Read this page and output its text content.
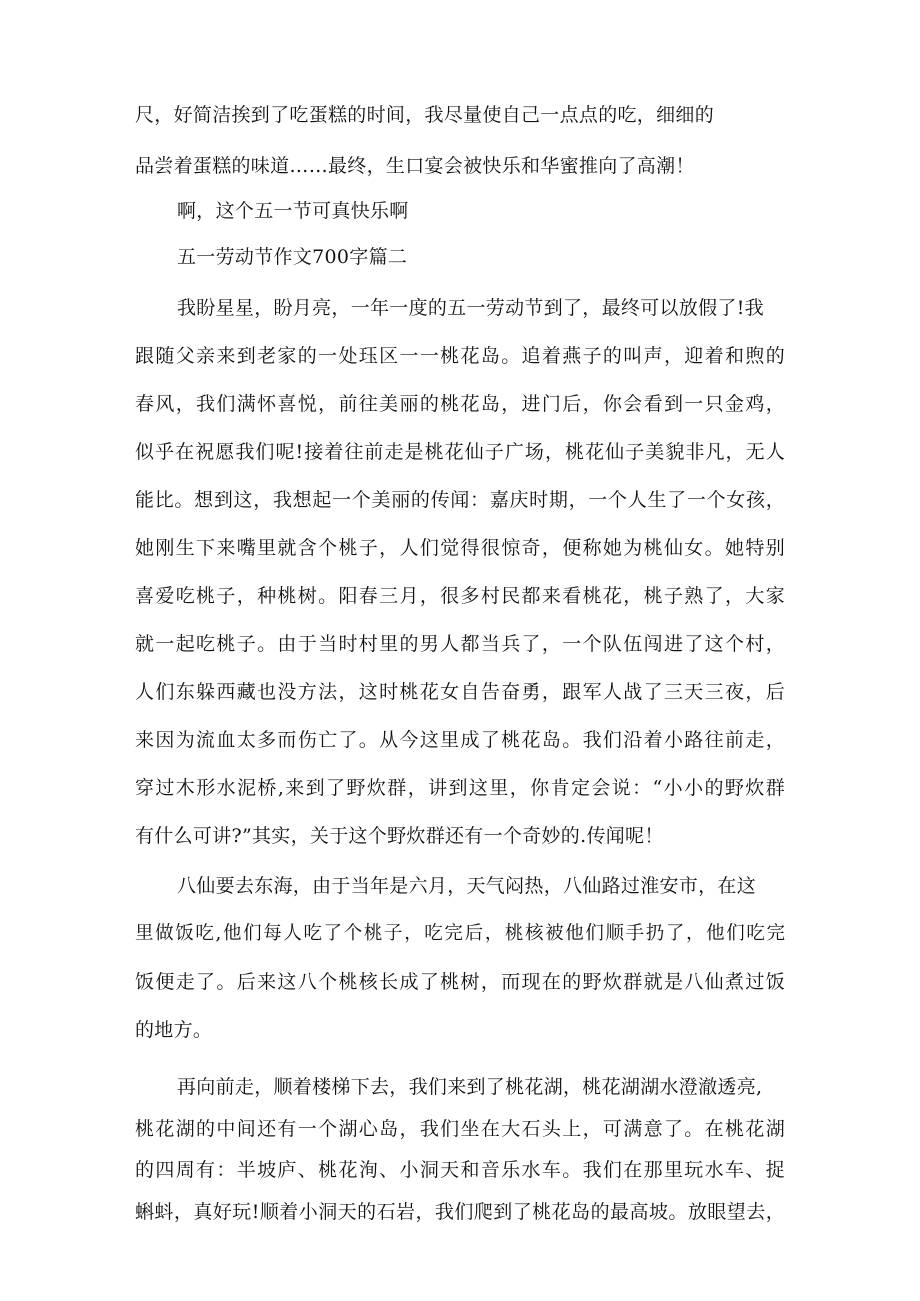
尺，好简洁挨到了吃蛋糕的时间，我尽量使自己一点点的吃，细细的
品尝着蛋糕的味道……最终，生口宴会被快乐和华蜜推向了高潮！
啊，这个五一节可真快乐啊
五一劳动节作文700字篇二
我盼星星，盼月亮，一年一度的五一劳动节到了，最终可以放假了!我
跟随父亲来到老家的一处珏区一一桃花岛。追着燕子的叫声，迎着和煦的
春风，我们满怀喜悦，前往美丽的桃花岛，进门后，你会看到一只金鸡，
似乎在祝愿我们呢!接着往前走是桃花仙子广场，桃花仙子美貌非凡，无人
能比。想到这，我想起一个美丽的传闻：嘉庆时期，一个人生了一个女孩，
她刚生下来嘴里就含个桃子，人们觉得很惊奇，便称她为桃仙女。她特别
喜爱吃桃子，种桃树。阳春三月，很多村民都来看桃花，桃子熟了，大家
就一起吃桃子。由于当时村里的男人都当兵了，一个队伍闯进了这个村，
人们东躲西藏也没方法，这时桃花女自告奋勇，跟军人战了三天三夜，后
来因为流血太多而伤亡了。从今这里成了桃花岛。我们沿着小路往前走，
穿过木形水泥桥,来到了野炊群，讲到这里，你肯定会说：“小小的野炊群
有什么可讲?”其实，关于这个野炊群还有一个奇妙的.传闻呢！
八仙要去东海，由于当年是六月，天气闷热，八仙路过淮安市，在这
里做饭吃,他们每人吃了个桃子，吃完后，桃核被他们顺手扔了，他们吃完
饭便走了。后来这八个桃核长成了桃树，而现在的野炊群就是八仙煮过饭
的地方。
再向前走，顺着楼梯下去，我们来到了桃花湖，桃花湖湖水澄澈透亮,
桃花湖的中间还有一个湖心岛，我们坐在大石头上，可满意了。在桃花湖
的四周有：半坡庐、桃花洵、小洞天和音乐水车。我们在那里玩水车、捉
蝌蚪，真好玩!顺着小洞天的石岩，我们爬到了桃花岛的最高坡。放眼望去，
